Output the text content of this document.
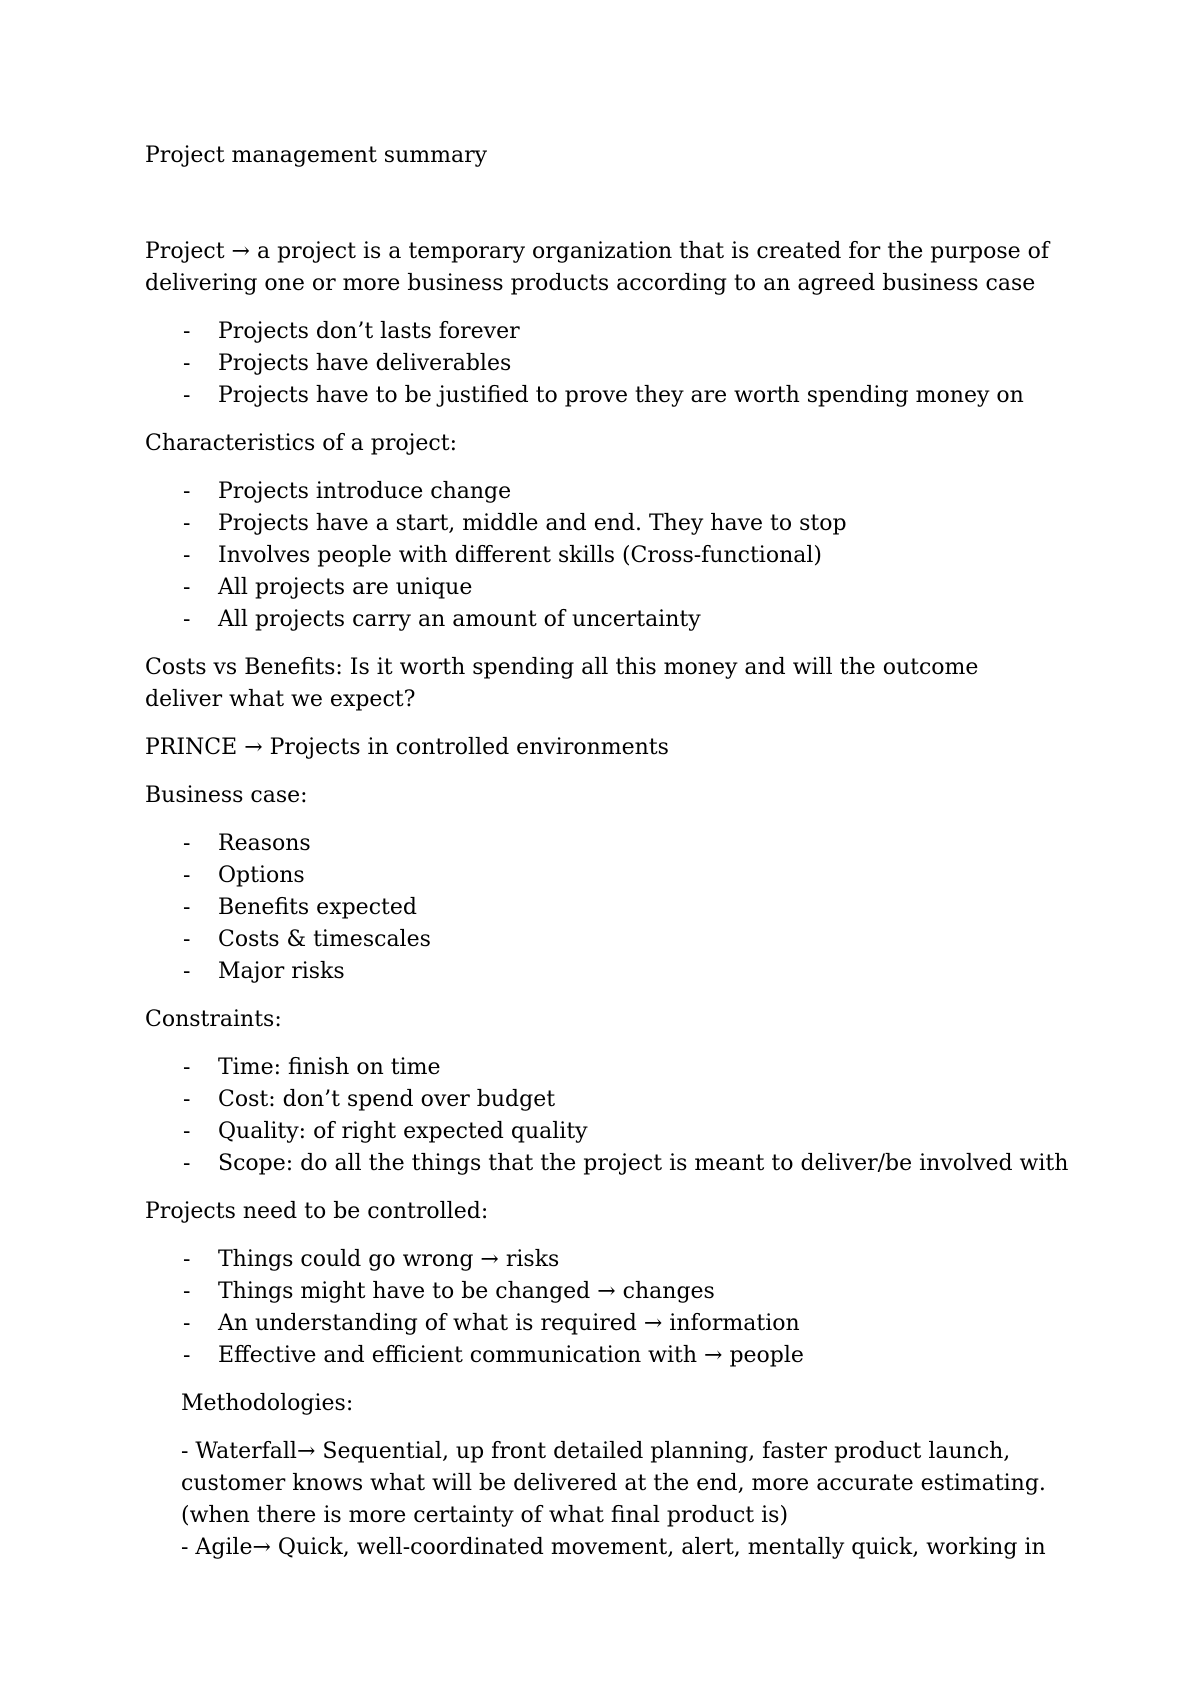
Project management summary

Project → a project is a temporary organization that is created for the purpose of delivering one or more business products according to an agreed business case

- Projects don’t lasts forever
- Projects have deliverables
- Projects have to be justified to prove they are worth spending money on

Characteristics of a project:

- Projects introduce change
- Projects have a start, middle and end. They have to stop
- Involves people with different skills (Cross-functional)
- All projects are unique
- All projects carry an amount of uncertainty

Costs vs Benefits: Is it worth spending all this money and will the outcome deliver what we expect?

PRINCE → Projects in controlled environments

Business case:

- Reasons
- Options
- Benefits expected
- Costs & timescales
- Major risks

Constraints:

- Time: finish on time
- Cost: don’t spend over budget
- Quality: of right expected quality
- Scope: do all the things that the project is meant to deliver/be involved with

Projects need to be controlled:

- Things could go wrong → risks
- Things might have to be changed → changes
- An understanding of what is required → information
- Effective and efficient communication with → people

Methodologies:

- Waterfall→ Sequential, up front detailed planning, faster product launch, customer knows what will be delivered at the end, more accurate estimating.

(when there is more certainty of what final product is)

- Agile→ Quick, well-coordinated movement, alert, mentally quick, working in
